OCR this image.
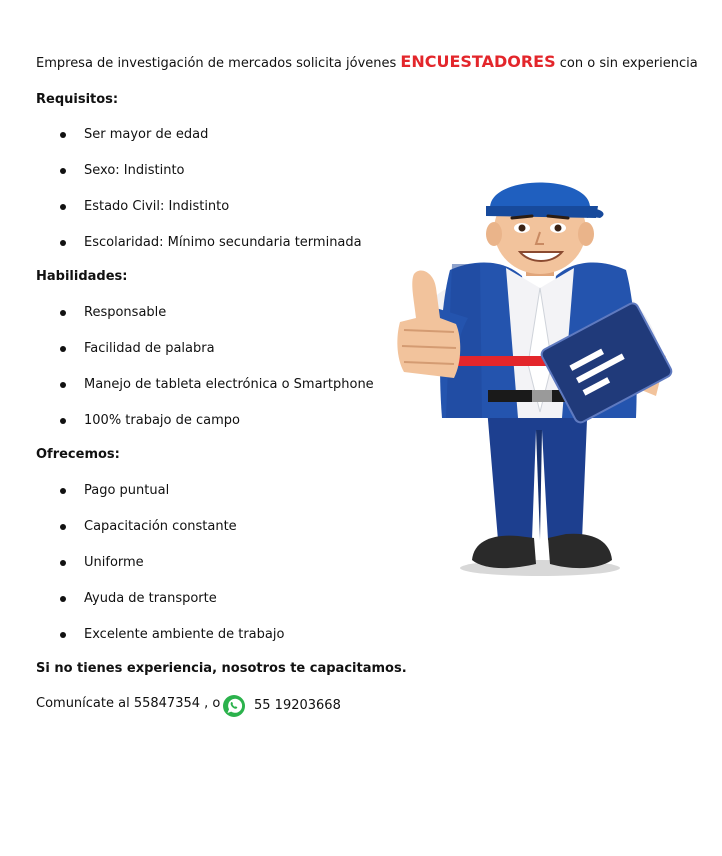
Empresa de investigación de mercados solicita jóvenes ENCUESTADORES con o sin experiencia
Requisitos:
Ser mayor de edad
Sexo: Indistinto
Estado Civil: Indistinto
Escolaridad: Mínimo secundaria terminada
Habilidades:
Responsable
Facilidad de palabra
Manejo de tableta electrónica o Smartphone
100% trabajo de campo
Ofrecemos:
Pago puntual
Capacitación constante
Uniforme
Ayuda de transporte
Excelente ambiente de trabajo
Si no tienes experiencia, nosotros te capacitamos.
Comunícate al 55847354 , o	55 19203668
